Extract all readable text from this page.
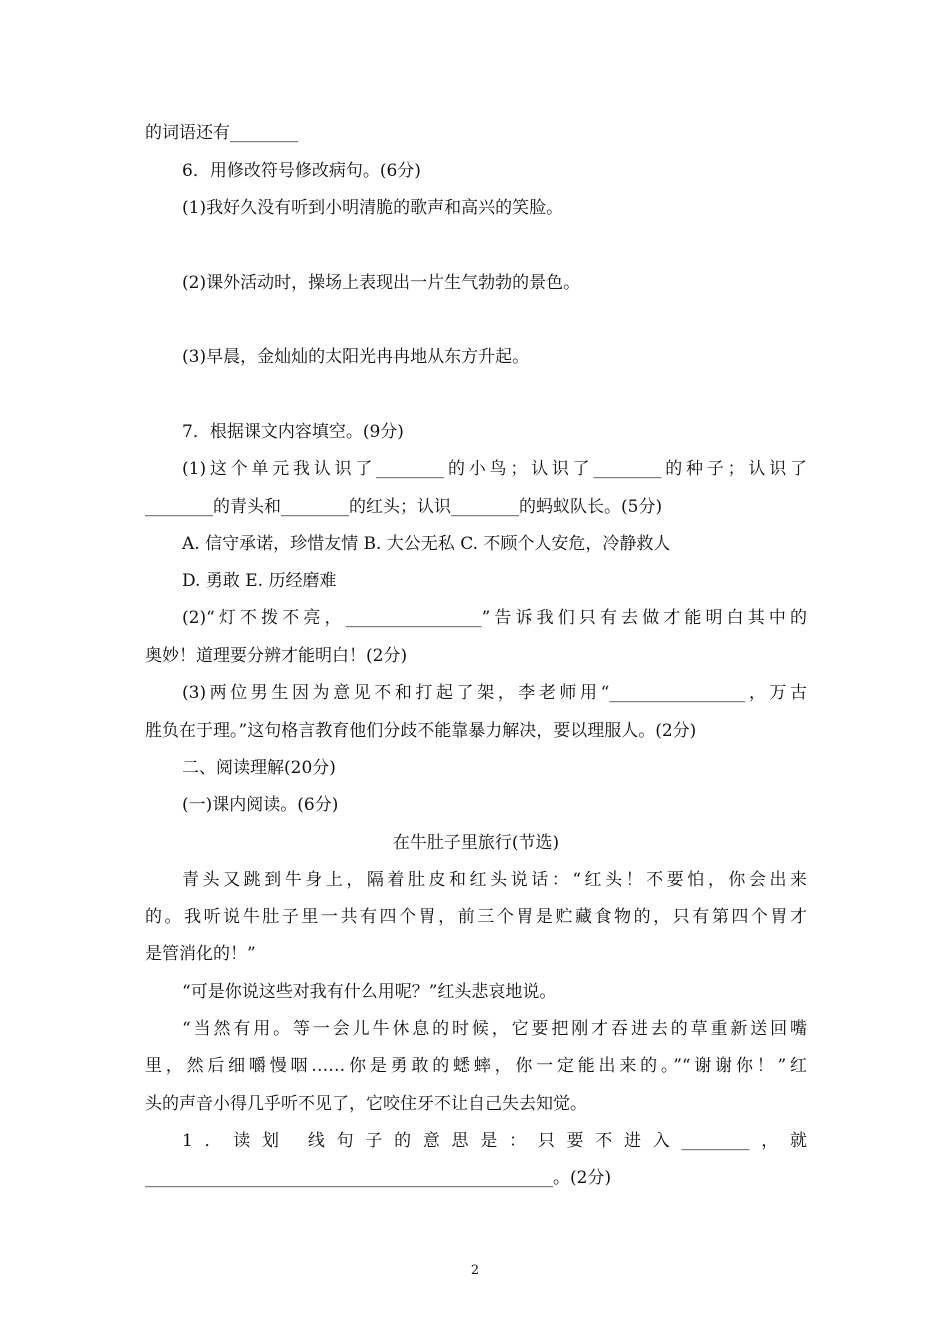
的词语还有________
6．用修改符号修改病句。(6分)
(1)我好久没有听到小明清脆的歌声和高兴的笑脸。
(2)课外活动时，操场上表现出一片生气勃勃的景色。
(3)早晨，金灿灿的太阳光冉冉地从东方升起。
7．根据课文内容填空。(9分)
(1)这个单元我认识了________的小鸟；认识了________的种子；认识了
________的青头和________的红头；认识________的蚂蚁队长。(5分)
A. 信守承诺，珍惜友情 B. 大公无私 C. 不顾个人安危，冷静救人
D. 勇敢 E. 历经磨难
(2)“灯不拨不亮，________________”告诉我们只有去做才能明白其中的
奥妙！道理要分辨才能明白！(2分)
(3)两位男生因为意见不和打起了架，李老师用“________________，万古
胜负在于理。”这句格言教育他们分歧不能靠暴力解决，要以理服人。(2分)
二、阅读理解(20分)
(一)课内阅读。(6分)
在牛肚子里旅行(节选)
青头又跳到牛身上，隔着肚皮和红头说话：“红头！不要怕，你会出来
的。我听说牛肚子里一共有四个胃，前三个胃是贮藏食物的，只有第四个胃才
是管消化的！”
“可是你说这些对我有什么用呢？”红头悲哀地说。
“当然有用。等一会儿牛休息的时候，它要把刚才吞进去的草重新送回嘴
里，然后细嚼慢咽……你是勇敢的蟋蟀，你一定能出来的。”“谢谢你！”红
头的声音小得几乎听不见了，它咬住牙不让自己失去知觉。
1．读划 线句子的意思是：只要不进入________，就
________________________________________________。(2分)
2
